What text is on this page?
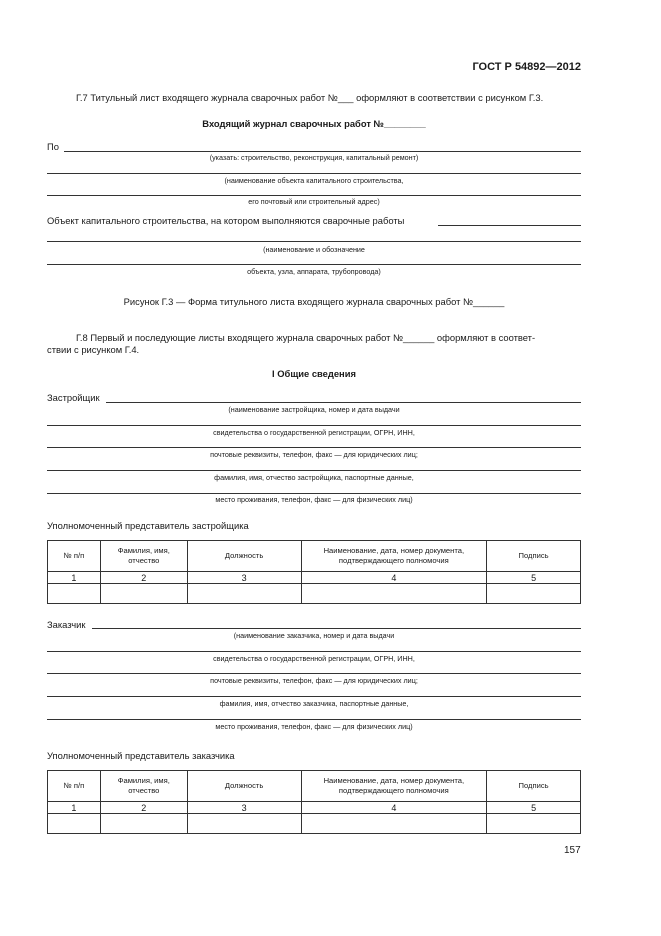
ГОСТ Р 54892—2012
Г.7 Титульный лист входящего журнала сварочных работ №___ оформляют в соответствии с рисунком Г.3.
Входящий журнал сварочных работ №________
По
(указать: строительство, реконструкция, капитальный ремонт)
(наименование объекта капитального строительства,
его почтовый или строительный адрес)
Объект капитального строительства, на котором выполняются сварочные работы
(наименование и обозначение
объекта, узла, аппарата, трубопровода)
Рисунок Г.3 — Форма титульного листа входящего журнала сварочных работ №______
Г.8 Первый и последующие листы входящего журнала сварочных работ №______ оформляют в соответ-
ствии с рисунком Г.4.
I Общие сведения
Застройщик
(наименование застройщика, номер и дата выдачи
свидетельства о государственной регистрации, ОГРН, ИНН,
почтовые реквизиты, телефон, факс — для юридических лиц;
фамилия, имя, отчество застройщика, паспортные данные,
место проживания, телефон, факс — для физических лиц)
Уполномоченный представитель застройщика
№ п/п	Фамилия, имя, отчество	Должность	Наименование, дата, номер документа, подтверждающего полномочия	Подпись
1	2	3	4	5

Заказчик
(наименование заказчика, номер и дата выдачи
свидетельства о государственной регистрации, ОГРН, ИНН,
почтовые реквизиты, телефон, факс — для юридических лиц;
фамилия, имя, отчество заказчика, паспортные данные,
место проживания, телефон, факс — для физических лиц)
Уполномоченный представитель заказчика
№ п/п	Фамилия, имя, отчество	Должность	Наименование, дата, номер документа, подтверждающего полномочия	Подпись
1	2	3	4	5

157
